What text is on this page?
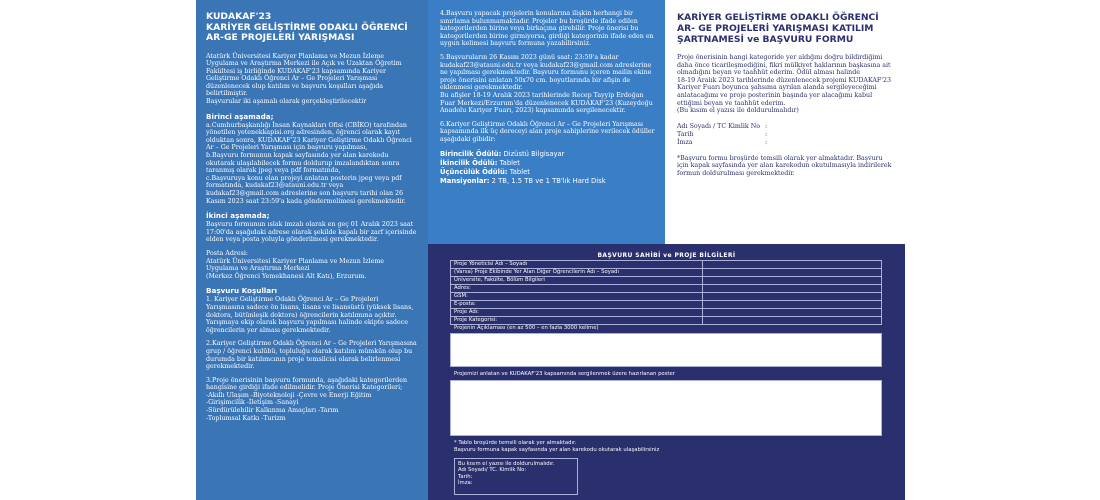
KUDAKAF'23
KARİYER GELİŞTİRME ODAKLI ÖĞRENCİ AR-GE PROJELERİ YARIŞMASI
Atatürk Üniversitesi Kariyer Planlama ve Mezun İzleme Uygulama ve Araştırma Merkezi ile Açık ve Uzaktan Öğretim Fakültesi iş birliğinde KUDAKAF'23 kapsamında Kariyer Geliştirme Odaklı Öğrenci Ar – Ge Projeleri Yarışması düzenlenecek olup katılım ve başvuru koşulları aşağıda belirtilmiştir.
Başvurular iki aşamalı olarak gerçekleştirilecektir
Birinci aşamada;
a.Cumhurbaşkanlığı İnsan Kaynakları Ofisi (CBİKO) tarafından yönetilen yetenekkapisi.org adresinden, öğrenci olarak kayıt olduktan sonra, KUDAKAF'23 Kariyer Geliştirme Odaklı Öğrenci Ar – Ge Projeleri Yarışması için başvuru yapılması,
b.Başvuru formunun kapak sayfasında yer alan karekodu okutarak ulaşılabilecek formu doldurup imzalandıktan sonra taranmış olarak jpeg veya pdf formatında,
c.Başvuruya konu olan projeyi anlatan posterin jpeg veya pdf formatında, kudakaf23@atauni.edu.tr veya kudakaf23@gmail.com adreslerine son başvuru tarihi olan 26 Kasım 2023 saat 23:59'a kada göndermelimesi gerekmektedir.
İkinci aşamada;
Başvuru formunun ıslak imzalı olarak en geç 01 Aralık 2023 saat 17:00'da aşağıdaki adrese olarak şekilde kapalı bir zarf içerisinde elden veya posta yoluyla gönderilmesi gerekmektedir.
Posta Adresi:
Atatürk Üniversitesi Kariyer Planlama ve Mezun İzleme Uygulama ve Araştırma Merkezi
(Merkez Öğrenci Yemekhanesi Alt Katı), Erzurum.
Başvuru Koşulları
1. Kariyer Geliştirme Odaklı Öğrenci Ar – Ge Projeleri Yarışmasına sadece ön lisans, lisans ve lisansüstü (yüksek lisans, doktora, bütünleşik doktora) öğrencilerin katılımına açıktır. Yarışmaya ekip olarak başvuru yapılması halinde ekipte sadece öğrencilerin yer alması gerekmektedir.
2.Kariyer Geliştirme Odaklı Öğrenci Ar – Ge Projeleri Yarışmasına grup / öğrenci kulübü, topluluğu olarak katılım mümkün olup bu durumda bir katılımcının proje temsilcisi olarak belirlenmesi gerekmektedir.
3.Proje önerisinin başvuru formunda, aşağıdaki kategorilerden hangisine girdiği ifade edilmelidir. Proje Önerisi Kategorileri;
-Akıllı Ulaşım -Biyoteknoloji -Çevre ve Enerji Eğitim
-Girişimcilik -İletişim -Sanayi
-Sürdürülebilir Kalkınma Amaçları -Tarım
-Toplumsal Katkı -Turizm
4.Başvuru yapacak projelerin konularına ilişkin herhangi bir sınırlama bulunmamaktadır. Projeler bu broşürde ifade edilen kategorilerden birine veya birkaçına girebilir. Proje önerisi bu kategorilerden birine girmiyorsa, girdiği kategorinin ifade eden en uygun kelimesi başvuru formuna yazabilirsiniz.
5.Başvuruların 26 Kasım 2023 günü saat: 23:59'a kadar kudakaf23@atauni.edu.tr veya kudakaf23@gmail.com adreslerine ne yapılması gerekmektedir. Başvuru formunu içeren mailin ekine proje önerisini anlatan 50x70 cm. boyutlarında bir afişin de eklenmesi gerekmektedir.
Bu afişler 18-19 Aralık 2023 tarihlerinde Recep Tayyip Erdoğan Fuar Merkezi/Erzurum'da düzenlenecek KUDAKAF'23 (Kuzeydoğu Anadolu Kariyer Fuarı, 2023) kapsamında sergilenecektir.
6.Kariyer Geliştirme Odaklı Öğrenci Ar – Ge Projeleri Yarışması kapsamında ilk üç dereceyi alan proje sahiplerine verilecek ödüller aşağıdaki gibidir:
Birincilik Ödülü: Dizüstü Bilgisayar
İkincilik Ödülü: Tablet
Üçüncülük Ödülü: Tablet
Mansiyonlar: 2 TB, 1.5 TB ve 1 TB'lık Hard Disk
KARİYER GELİŞTİRME ODAKLI ÖĞRENCİ AR- GE PROJELERİ YARIŞMASI KATILIM ŞARTNAMESİ ve BAŞVURU FORMU
Proje önerisinin hangi kategoride yer aldığını doğru bildirdiğimi daha önce ticarileşmediğini, fikri mülkiyet haklarının başkasına ait olmadığını beyan ve taahhüt ederim. Ödül alması halinde
18-19 Aralık 2023 tarihlerinde düzenlenecek projemi KUDAKAF'23 Kariyer Fuarı boyunca şahsıma ayrılan alanda sergileyeceğimi anlatacağımı ve proje posterinin başında yer alacağımı kabul ettiğimi beyan ve taahhüt ederim.
(Bu kısım el yazısı ile doldurulmalıdır)
Adı Soyadı / TC Kimlik No :
Tarih	:
İmza	:
*Başvuru formu broşürde temsili olarak yer almaktadır. Başvuru için kapak sayfasında yer alan karekodun okutulmasıyla indirilerek formun doldurulması gerekmektedir.
BAŞVURU SAHİBİ ve PROJE BİLGİLERİ
Proje Yöneticisi Adı – Soyadı	
(Varsa) Proje Ekibinde Yer Alan Diğer Öğrencilerin Adı – Soyadı	
Üniversite, Fakülte, Bölüm Bilgileri	
Adres:	
GSM:	
E-posta:	
Proje Adı:	
Proje Kategorisi:	
Projenin Açıklaması (en az 500 – en fazla 3000 kelime)
Projemizi anlatan ve KUDAKAF'23 kapsamında sergilenmek üzere hazırlanan poster
* Tablo broşürde temsili olarak yer almaktadır.
Başvuru formuna kapak sayfasında yer alan karekodu okutarak ulaşabilirsiniz
Bu kısım el yazısı ile doldurulmalıdır.
Adı Soyadı/ TC. Kimlik No:
Tarih:
İmza:
